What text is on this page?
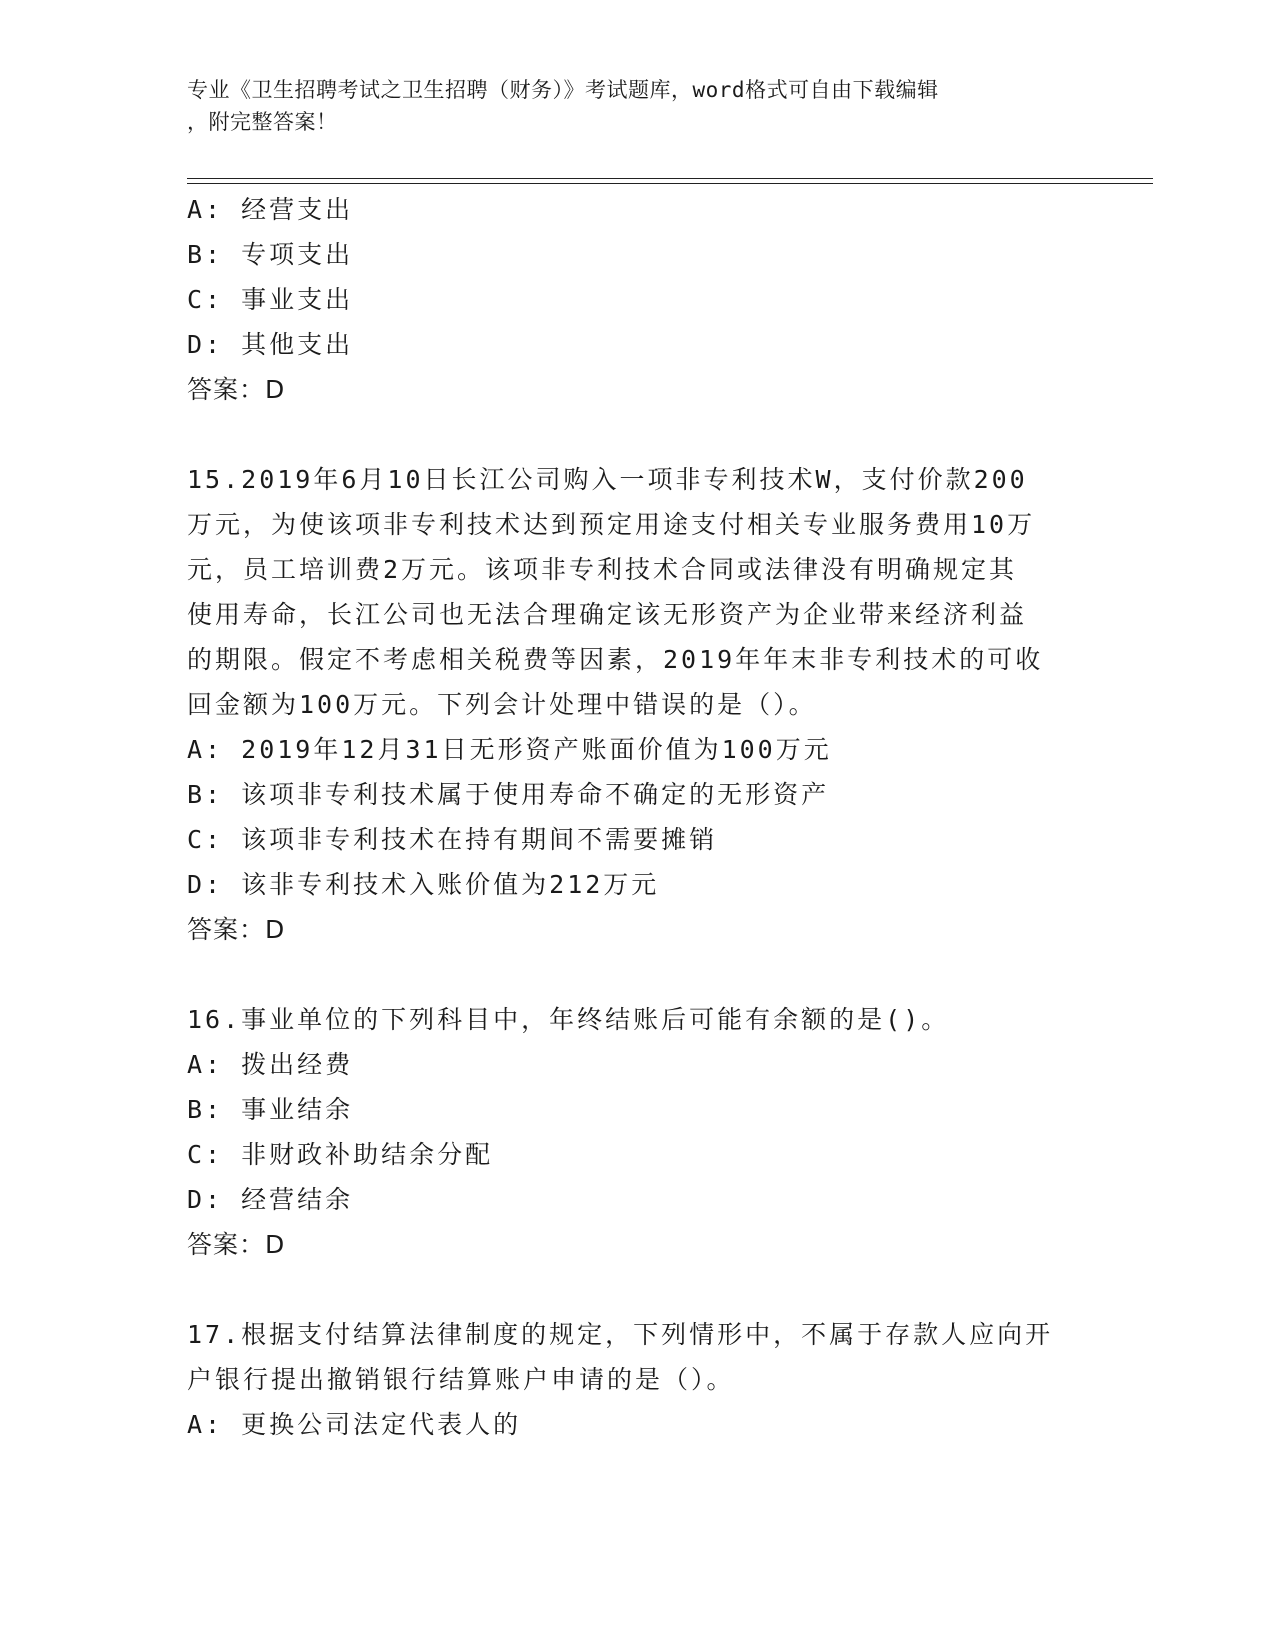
专业《卫生招聘考试之卫生招聘（财务）》考试题库，word格式可自由下载编辑
，附完整答案！
A: 经营支出
B: 专项支出
C: 事业支出
D: 其他支出
答案：D
15.2019年6月10日长江公司购入一项非专利技术W，支付价款200
万元，为使该项非专利技术达到预定用途支付相关专业服务费用10万
元，员工培训费2万元。该项非专利技术合同或法律没有明确规定其
使用寿命，长江公司也无法合理确定该无形资产为企业带来经济利益
的期限。假定不考虑相关税费等因素，2019年年末非专利技术的可收
回金额为100万元。下列会计处理中错误的是（）。
A: 2019年12月31日无形资产账面价值为100万元
B: 该项非专利技术属于使用寿命不确定的无形资产
C: 该项非专利技术在持有期间不需要摊销
D: 该非专利技术入账价值为212万元
答案：D
16.事业单位的下列科目中，年终结账后可能有余额的是()。
A: 拨出经费
B: 事业结余
C: 非财政补助结余分配
D: 经营结余
答案：D
17.根据支付结算法律制度的规定，下列情形中，不属于存款人应向开
户银行提出撤销银行结算账户申请的是（）。
A: 更换公司法定代表人的
